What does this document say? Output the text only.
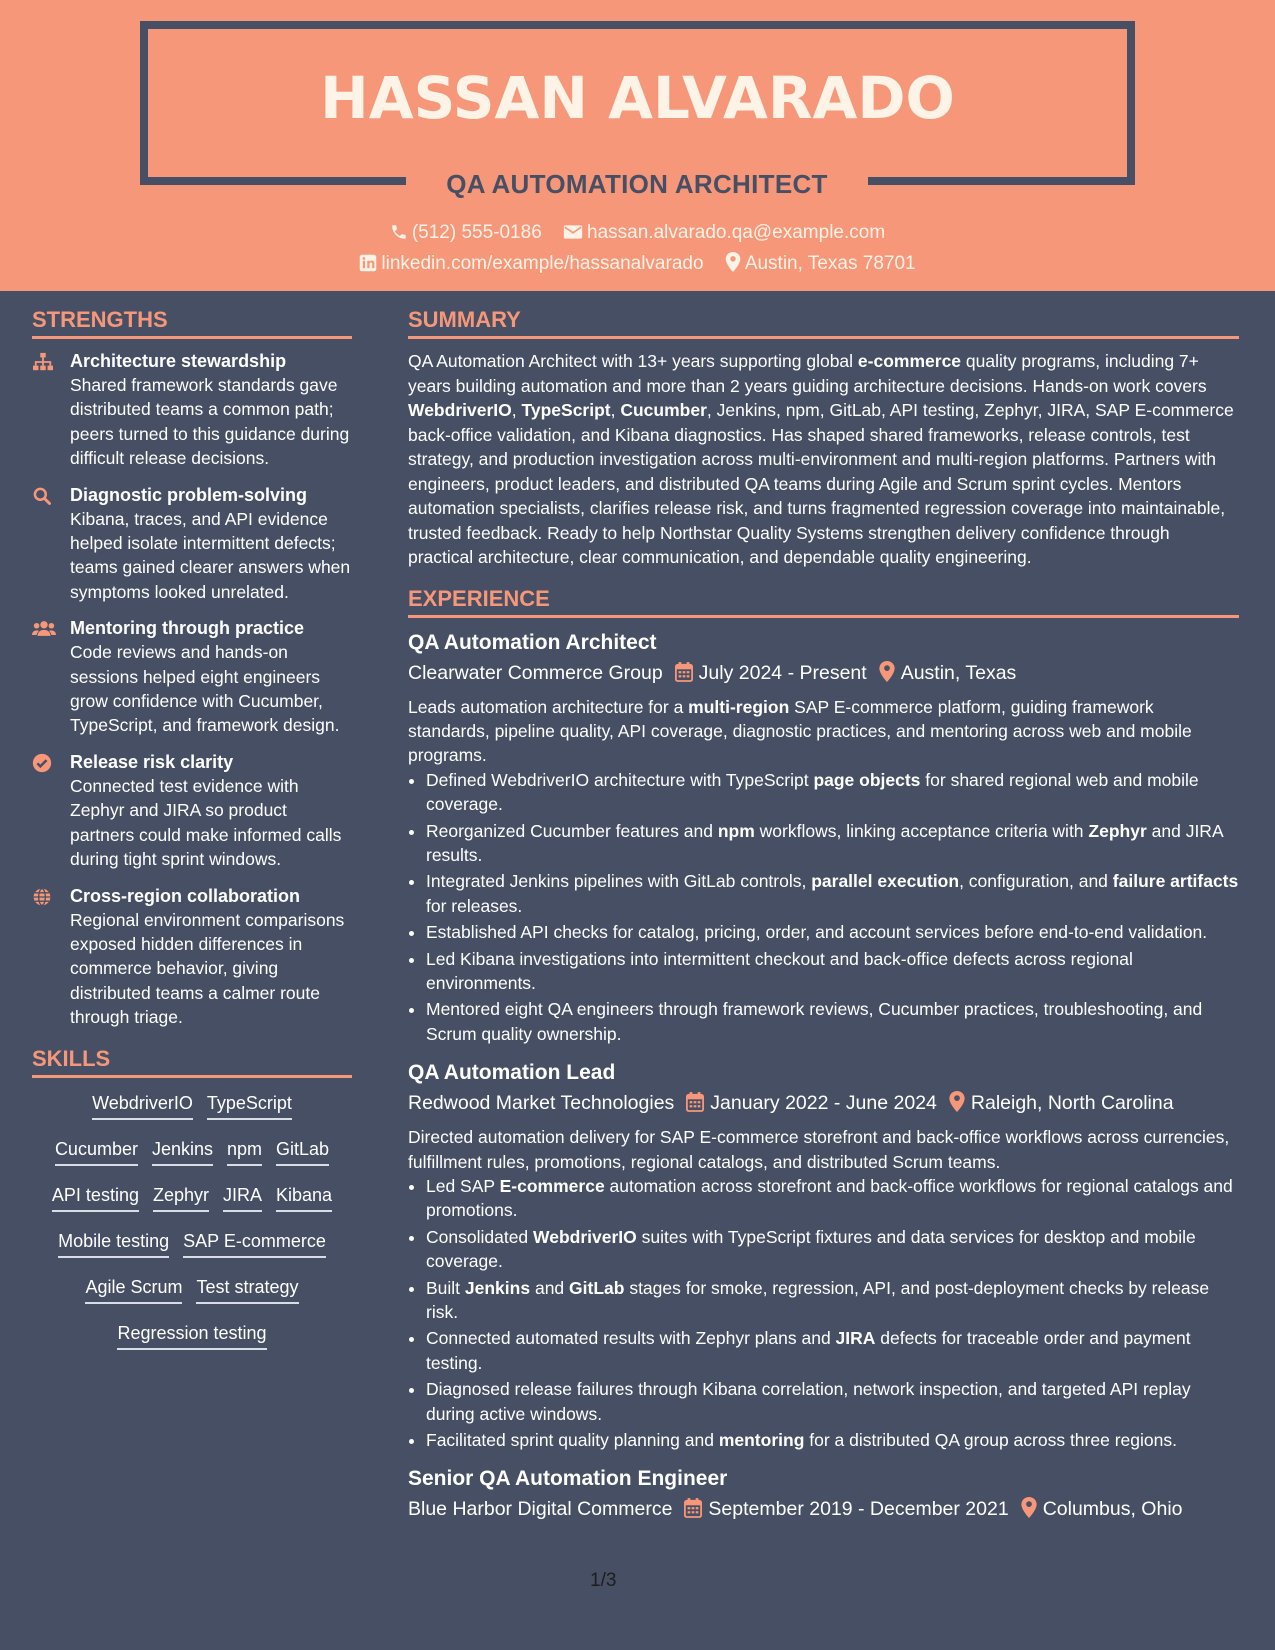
HASSAN ALVARADO
QA AUTOMATION ARCHITECT
(512) 555-0186 hassan.alvarado.qa@example.com
linkedin.com/example/hassanalvarado Austin, Texas 78701
STRENGTHS
Architecture stewardship
Shared framework standards gave distributed teams a common path; peers turned to this guidance during difficult release decisions.
Diagnostic problem-solving
Kibana, traces, and API evidence helped isolate intermittent defects; teams gained clearer answers when symptoms looked unrelated.
Mentoring through practice
Code reviews and hands-on sessions helped eight engineers grow confidence with Cucumber, TypeScript, and framework design.
Release risk clarity
Connected test evidence with Zephyr and JIRA so product partners could make informed calls during tight sprint windows.
Cross-region collaboration
Regional environment comparisons exposed hidden differences in commerce behavior, giving distributed teams a calmer route through triage.
SKILLS
WebdriverIO TypeScript
Cucumber Jenkins npm GitLab
API testing Zephyr JIRA Kibana
Mobile testing SAP E-commerce
Agile Scrum Test strategy
Regression testing
SUMMARY
QA Automation Architect with 13+ years supporting global e-commerce quality programs, including 7+ years building automation and more than 2 years guiding architecture decisions. Hands-on work covers WebdriverIO, TypeScript, Cucumber, Jenkins, npm, GitLab, API testing, Zephyr, JIRA, SAP E-commerce back-office validation, and Kibana diagnostics. Has shaped shared frameworks, release controls, test strategy, and production investigation across multi-environment and multi-region platforms. Partners with engineers, product leaders, and distributed QA teams during Agile and Scrum sprint cycles. Mentors automation specialists, clarifies release risk, and turns fragmented regression coverage into maintainable, trusted feedback. Ready to help Northstar Quality Systems strengthen delivery confidence through practical architecture, clear communication, and dependable quality engineering.
EXPERIENCE
QA Automation Architect
Clearwater Commerce Group July 2024 - Present Austin, Texas
Leads automation architecture for a multi-region SAP E-commerce platform, guiding framework standards, pipeline quality, API coverage, diagnostic practices, and mentoring across web and mobile programs.
• Defined WebdriverIO architecture with TypeScript page objects for shared regional web and mobile coverage.
• Reorganized Cucumber features and npm workflows, linking acceptance criteria with Zephyr and JIRA results.
• Integrated Jenkins pipelines with GitLab controls, parallel execution, configuration, and failure artifacts for releases.
• Established API checks for catalog, pricing, order, and account services before end-to-end validation.
• Led Kibana investigations into intermittent checkout and back-office defects across regional environments.
• Mentored eight QA engineers through framework reviews, Cucumber practices, troubleshooting, and Scrum quality ownership.
QA Automation Lead
Redwood Market Technologies January 2022 - June 2024 Raleigh, North Carolina
Directed automation delivery for SAP E-commerce storefront and back-office workflows across currencies, fulfillment rules, promotions, regional catalogs, and distributed Scrum teams.
• Led SAP E-commerce automation across storefront and back-office workflows for regional catalogs and promotions.
• Consolidated WebdriverIO suites with TypeScript fixtures and data services for desktop and mobile coverage.
• Built Jenkins and GitLab stages for smoke, regression, API, and post-deployment checks by release risk.
• Connected automated results with Zephyr plans and JIRA defects for traceable order and payment testing.
• Diagnosed release failures through Kibana correlation, network inspection, and targeted API replay during active windows.
• Facilitated sprint quality planning and mentoring for a distributed QA group across three regions.
Senior QA Automation Engineer
Blue Harbor Digital Commerce September 2019 - December 2021 Columbus, Ohio
1/3
